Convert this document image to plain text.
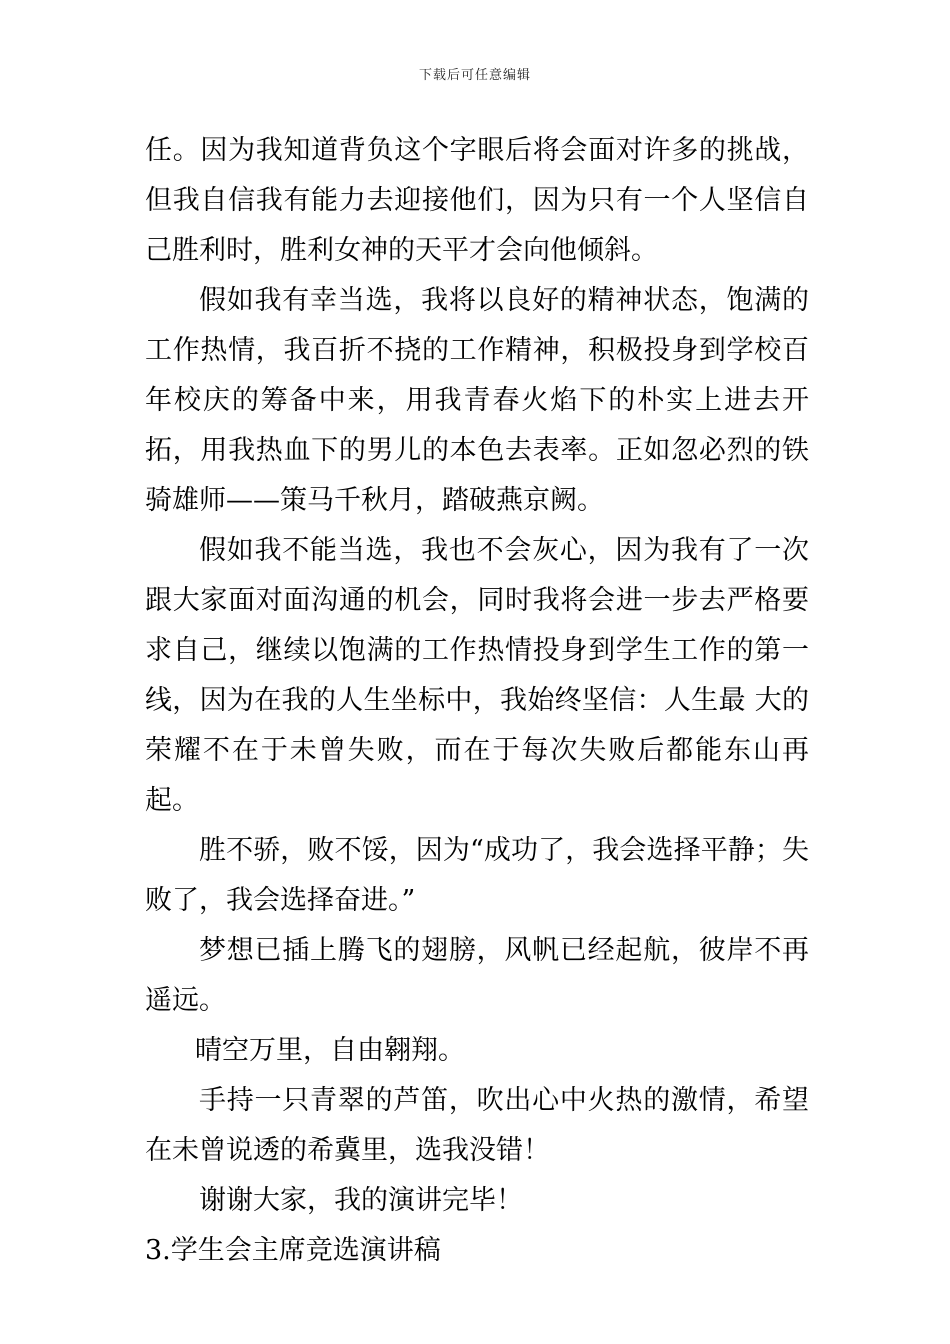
下载后可任意编辑

任。因为我知道背负这个字眼后将会面对许多的挑战，但我自信我有能力去迎接他们，因为只有一个人坚信自己胜利时，胜利女神的天平才会向他倾斜。

假如我有幸当选，我将以良好的精神状态，饱满的工作热情，我百折不挠的工作精神，积极投身到学校百年校庆的筹备中来，用我青春火焰下的朴实上进去开拓，用我热血下的男儿的本色去表率。正如忽必烈的铁骑雄师——策马千秋月，踏破燕京阙。

假如我不能当选，我也不会灰心，因为我有了一次跟大家面对面沟通的机会，同时我将会进一步去严格要求自己，继续以饱满的工作热情投身到学生工作的第一线，因为在我的人生坐标中，我始终坚信：人生最 大的荣耀不在于未曾失败，而在于每次失败后都能东山再起。

胜不骄，败不馁，因为“成功了，我会选择平静；失败了，我会选择奋进。”

梦想已插上腾飞的翅膀，风帆已经起航，彼岸不再遥远。

晴空万里，自由翱翔。

手持一只青翠的芦笛，吹出心中火热的激情，希望在未曾说透的希冀里，选我没错！

谢谢大家，我的演讲完毕！

3.学生会主席竞选演讲稿
